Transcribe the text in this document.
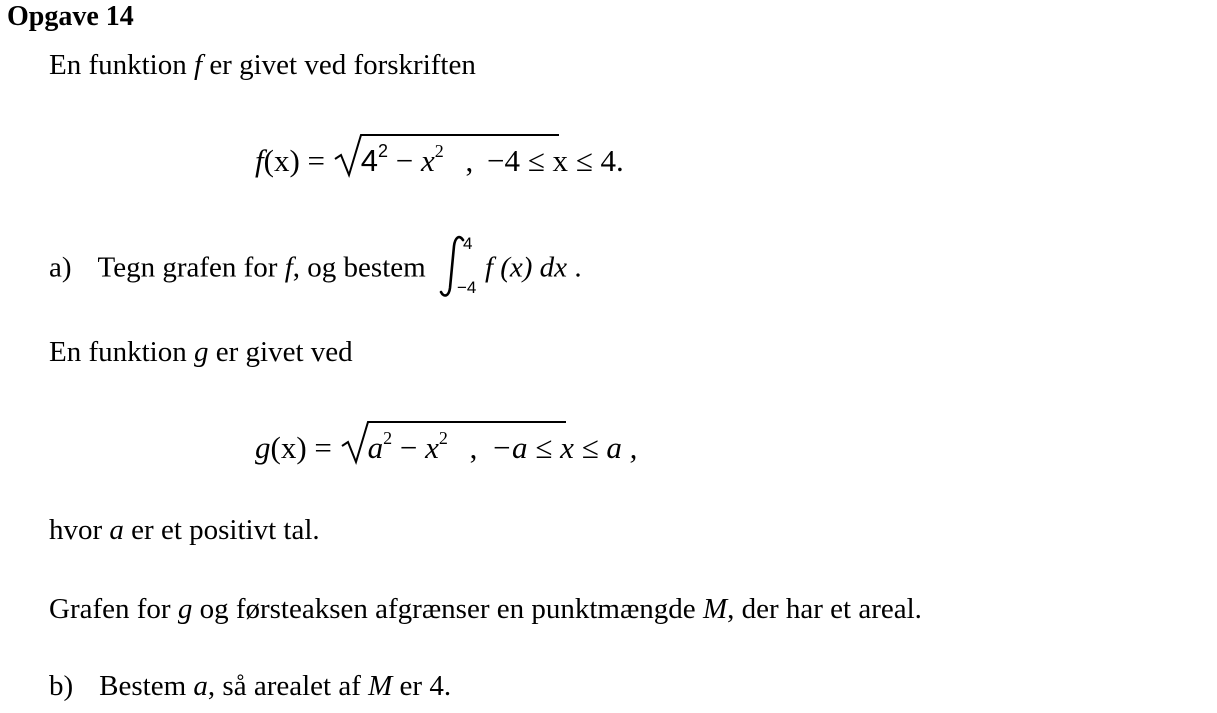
Opgave 14
En funktion f er givet ved forskriften
f(x) =
$4^2 - x^2$ , −4 ≤ x ≤ 4.
a) Tegn grafen for f, og bestem
4
−4
f (x) dx .
En funktion g er givet ved
g(x) =
$a^2 - x^2$ , −a ≤ x ≤ a ,
hvor a er et positivt tal.
Grafen for g og førsteaksen afgrænser en punktmængde M, der har et areal.
b) Bestem a, så arealet af M er 4.
